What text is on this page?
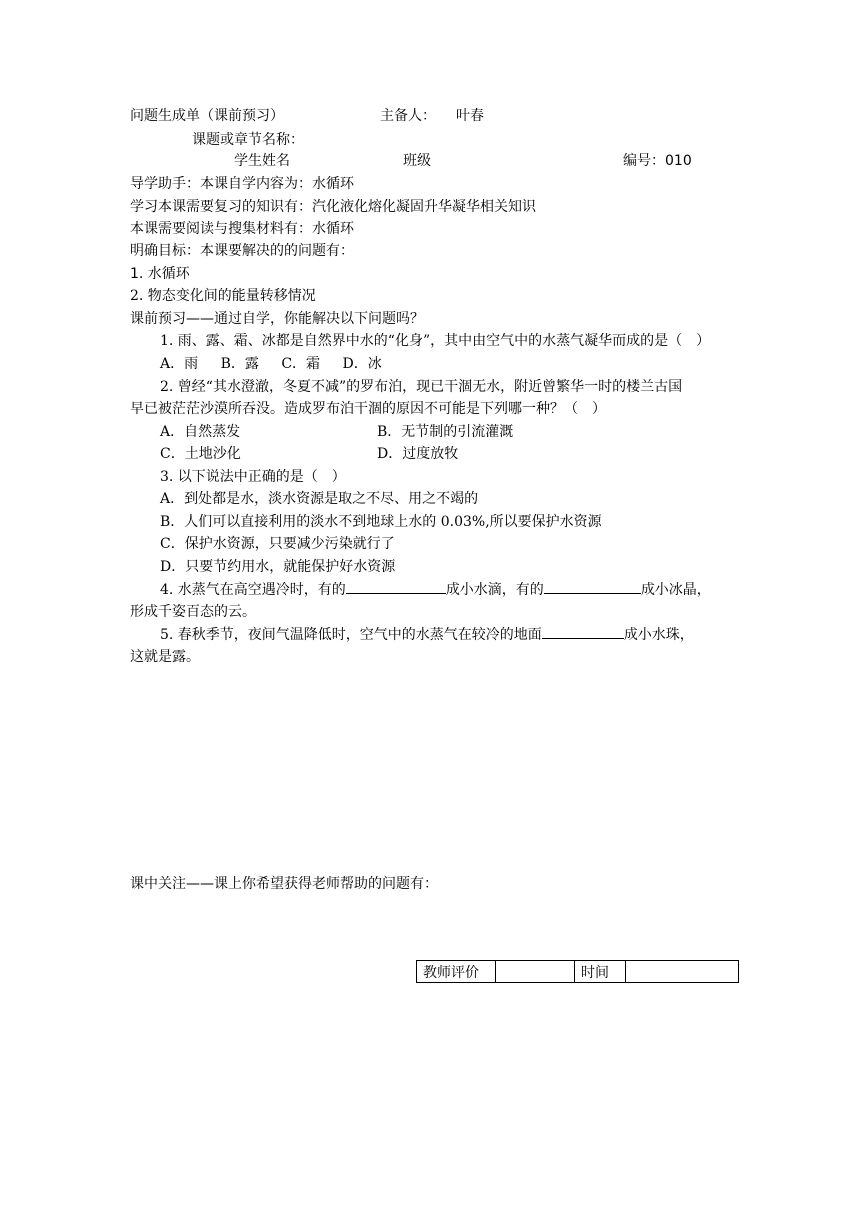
问题生成单（课前预习）	主备人： 叶春
课题或章节名称：
学生姓名	班级	编号：010
导学助手：本课自学内容为：水循环
学习本课需要复习的知识有：汽化液化熔化凝固升华凝华相关知识
本课需要阅读与搜集材料有：水循环
明确目标：本课要解决的的问题有：
1. 水循环
2. 物态变化间的能量转移情况
课前预习——通过自学，你能解决以下问题吗？
1. 雨、露、霜、冰都是自然界中水的“化身”，其中由空气中的水蒸气凝华而成的是（　）
A．雨 B．露 C．霜 D．冰
2. 曾经“其水澄澈，冬夏不减”的罗布泊，现已干涸无水，附近曾繁华一时的楼兰古国
早已被茫茫沙漠所吞没。造成罗布泊干涸的原因不可能是下列哪一种？（　）
A．自然蒸发	B．无节制的引流灌溉
C．土地沙化	D．过度放牧
3. 以下说法中正确的是（　）
A．到处都是水，淡水资源是取之不尽、用之不竭的
B．人们可以直接利用的淡水不到地球上水的 0.03%,所以要保护水资源
C．保护水资源，只要减少污染就行了
D．只要节约用水，就能保护好水资源
4. 水蒸气在高空遇冷时，有的	成小水滴，有的	成小冰晶，
形成千姿百态的云。
5. 春秋季节，夜间气温降低时，空气中的水蒸气在较冷的地面	成小水珠，
这就是露。
课中关注——课上你希望获得老师帮助的问题有：
教师评价		时间	
